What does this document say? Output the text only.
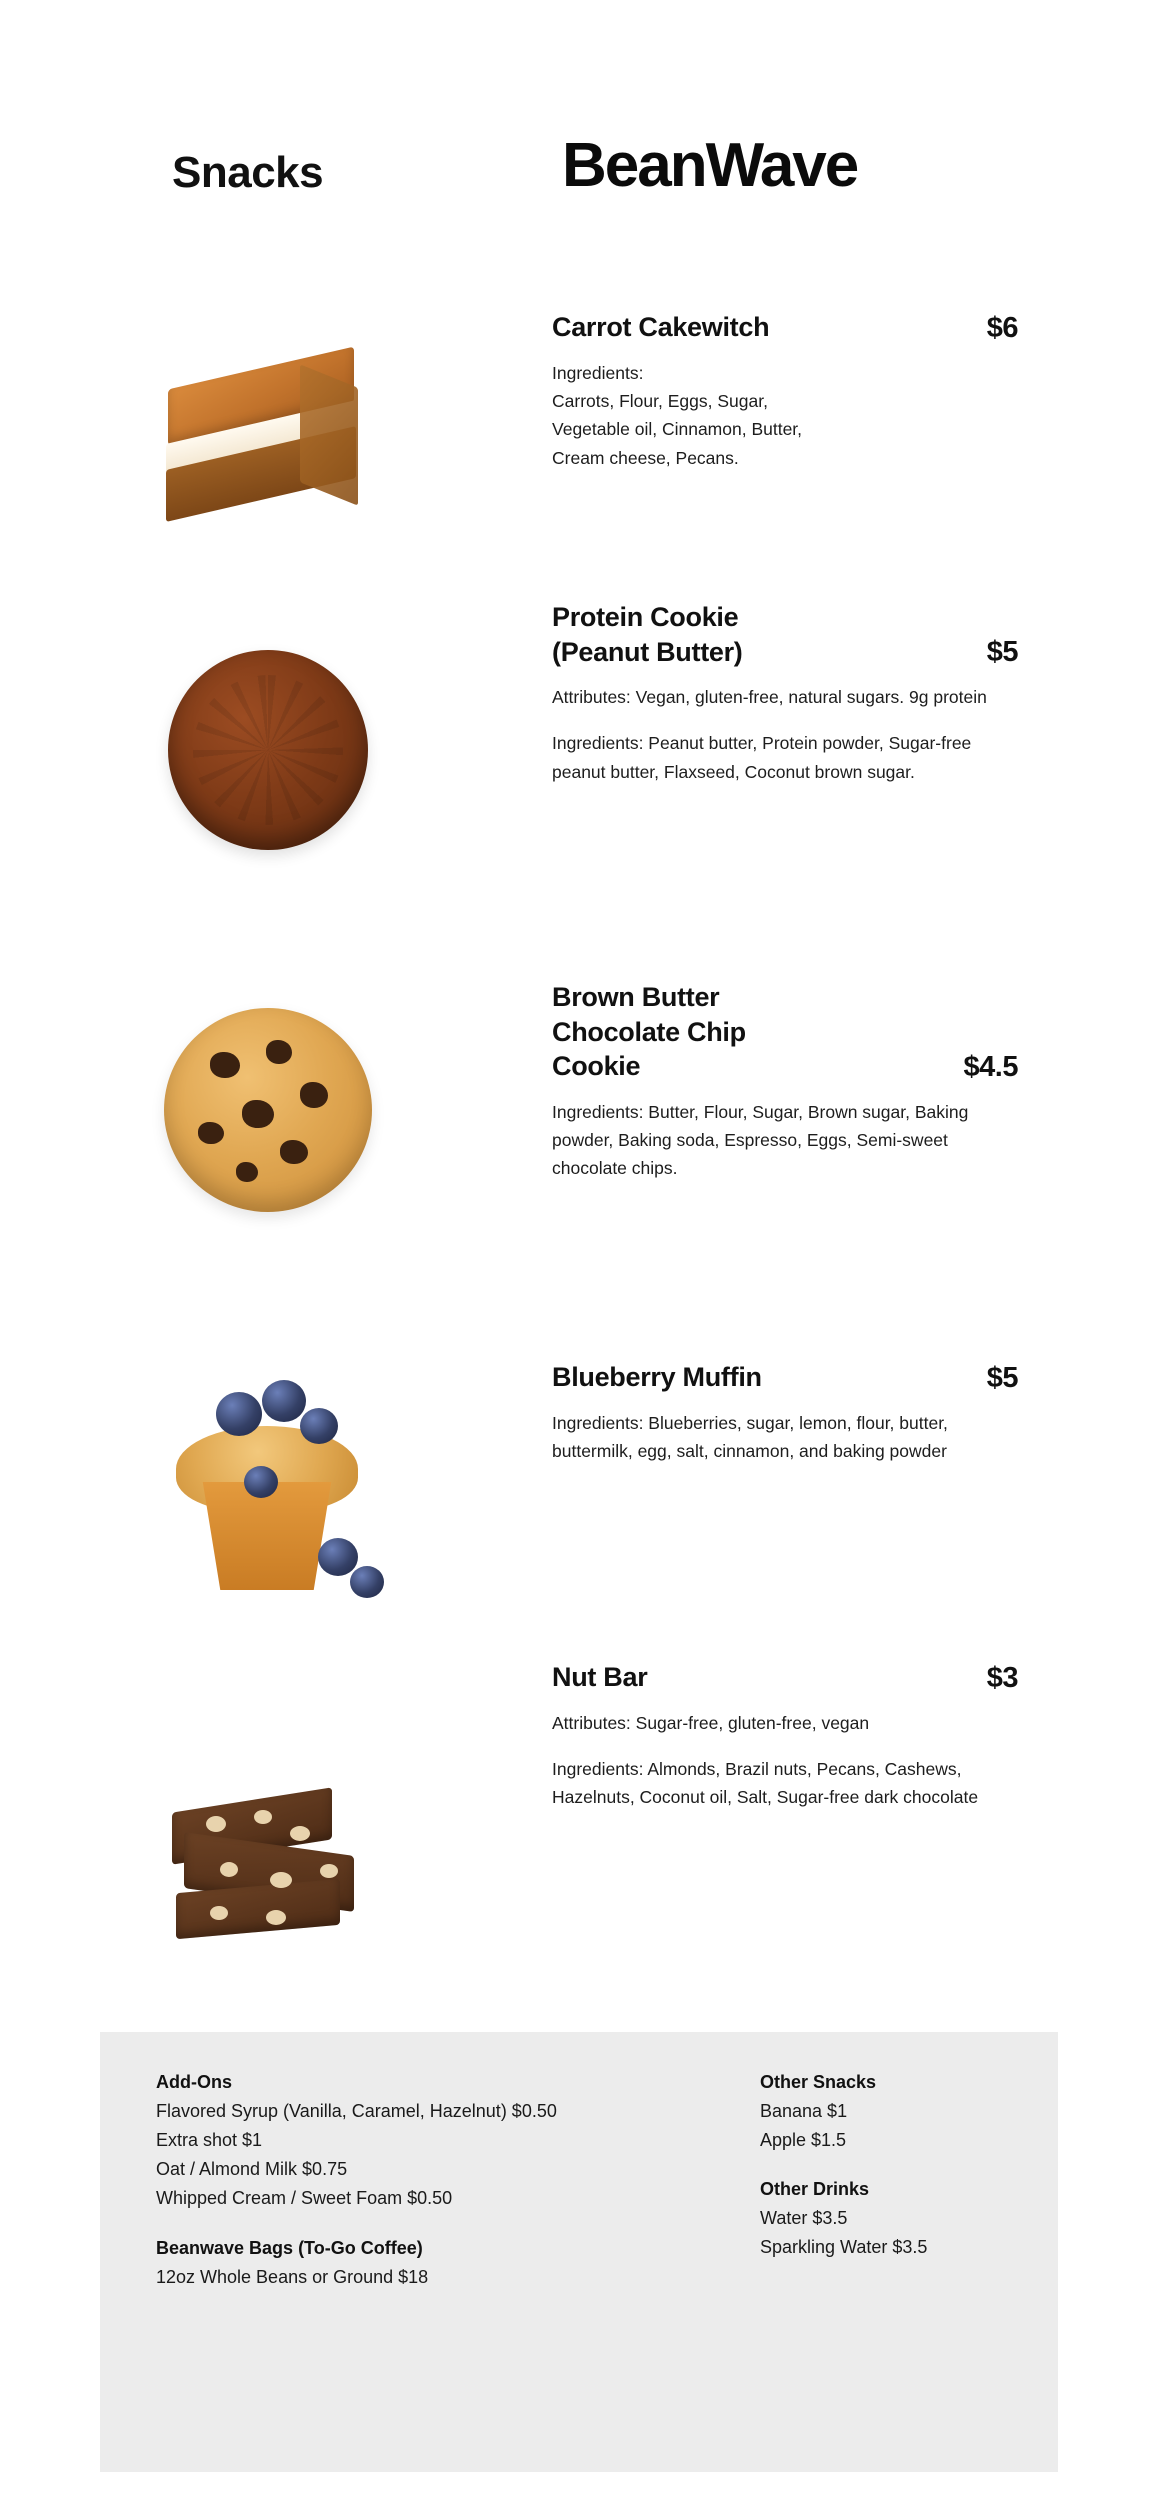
Snacks	BeanWave
Carrot Cakewitch	$6
Ingredients:
Carrots, Flour, Eggs, Sugar,
Vegetable oil, Cinnamon, Butter,
Cream cheese, Pecans.
Protein Cookie
(Peanut Butter)	$5
Attributes: Vegan, gluten-free, natural sugars. 9g protein
Ingredients: Peanut butter, Protein powder, Sugar-free peanut butter, Flaxseed, Coconut brown sugar.
Brown Butter
Chocolate Chip
Cookie	$4.5
Ingredients: Butter, Flour, Sugar, Brown sugar, Baking powder, Baking soda, Espresso, Eggs, Semi-sweet chocolate chips.
Blueberry Muffin	$5
Ingredients: Blueberries, sugar, lemon, flour, butter, buttermilk, egg, salt, cinnamon, and baking powder
Nut Bar	$3
Attributes: Sugar-free, gluten-free, vegan
Ingredients: Almonds, Brazil nuts, Pecans, Cashews, Hazelnuts, Coconut oil, Salt, Sugar-free dark chocolate
Add-Ons
Flavored Syrup (Vanilla, Caramel, Hazelnut) $0.50
Extra shot $1
Oat / Almond Milk $0.75
Whipped Cream / Sweet Foam $0.50
Beanwave Bags (To-Go Coffee)
12oz Whole Beans or Ground $18
Other Snacks
Banana $1
Apple $1.5
Other Drinks
Water $3.5
Sparkling Water $3.5
